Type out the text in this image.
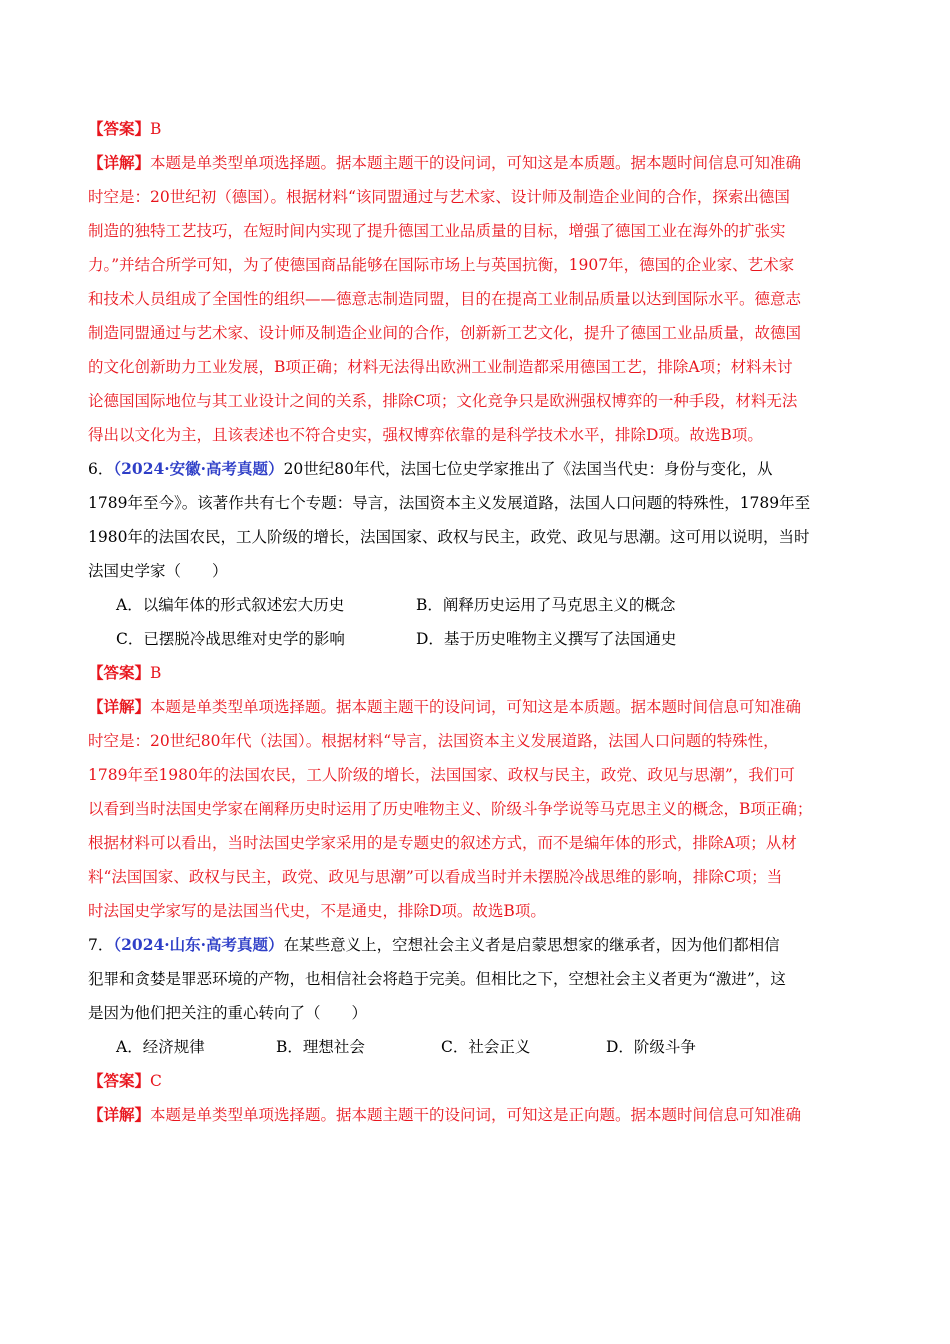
【答案】B
【详解】本题是单类型单项选择题。据本题主题干的设问词，可知这是本质题。据本题时间信息可知准确
时空是：20世纪初（德国）。根据材料“该同盟通过与艺术家、设计师及制造企业间的合作，探索出德国
制造的独特工艺技巧，在短时间内实现了提升德国工业品质量的目标，增强了德国工业在海外的扩张实
力。”并结合所学可知，为了使德国商品能够在国际市场上与英国抗衡，1907年，德国的企业家、艺术家
和技术人员组成了全国性的组织——德意志制造同盟，目的在提高工业制品质量以达到国际水平。德意志
制造同盟通过与艺术家、设计师及制造企业间的合作，创新新工艺文化，提升了德国工业品质量，故德国
的文化创新助力工业发展，B项正确；材料无法得出欧洲工业制造都采用德国工艺，排除A项；材料未讨
论德国国际地位与其工业设计之间的关系，排除C项；文化竞争只是欧洲强权博弈的一种手段，材料无法
得出以文化为主，且该表述也不符合史实，强权博弈依靠的是科学技术水平，排除D项。故选B项。
6．（2024·安徽·高考真题）20世纪80年代，法国七位史学家推出了《法国当代史：身份与变化，从
1789年至今》。该著作共有七个专题：导言，法国资本主义发展道路，法国人口问题的特殊性，1789年至
1980年的法国农民，工人阶级的增长，法国国家、政权与民主，政党、政见与思潮。这可用以说明，当时
法国史学家（　　）
A．以编年体的形式叙述宏大历史	B．阐释历史运用了马克思主义的概念
C．已摆脱冷战思维对史学的影响	D．基于历史唯物主义撰写了法国通史
【答案】B
【详解】本题是单类型单项选择题。据本题主题干的设问词，可知这是本质题。据本题时间信息可知准确
时空是：20世纪80年代（法国）。根据材料“导言，法国资本主义发展道路，法国人口问题的特殊性，
1789年至1980年的法国农民，工人阶级的增长，法国国家、政权与民主，政党、政见与思潮”，我们可
以看到当时法国史学家在阐释历史时运用了历史唯物主义、阶级斗争学说等马克思主义的概念，B项正确；
根据材料可以看出，当时法国史学家采用的是专题史的叙述方式，而不是编年体的形式，排除A项；从材
料“法国国家、政权与民主，政党、政见与思潮”可以看成当时并未摆脱冷战思维的影响，排除C项；当
时法国史学家写的是法国当代史，不是通史，排除D项。故选B项。
7．（2024·山东·高考真题）在某些意义上，空想社会主义者是启蒙思想家的继承者，因为他们都相信
犯罪和贪婪是罪恶环境的产物，也相信社会将趋于完美。但相比之下，空想社会主义者更为“激进”，这
是因为他们把关注的重心转向了（　　）
A．经济规律	B．理想社会	C．社会正义	D．阶级斗争
【答案】C
【详解】本题是单类型单项选择题。据本题主题干的设问词，可知这是正向题。据本题时间信息可知准确
